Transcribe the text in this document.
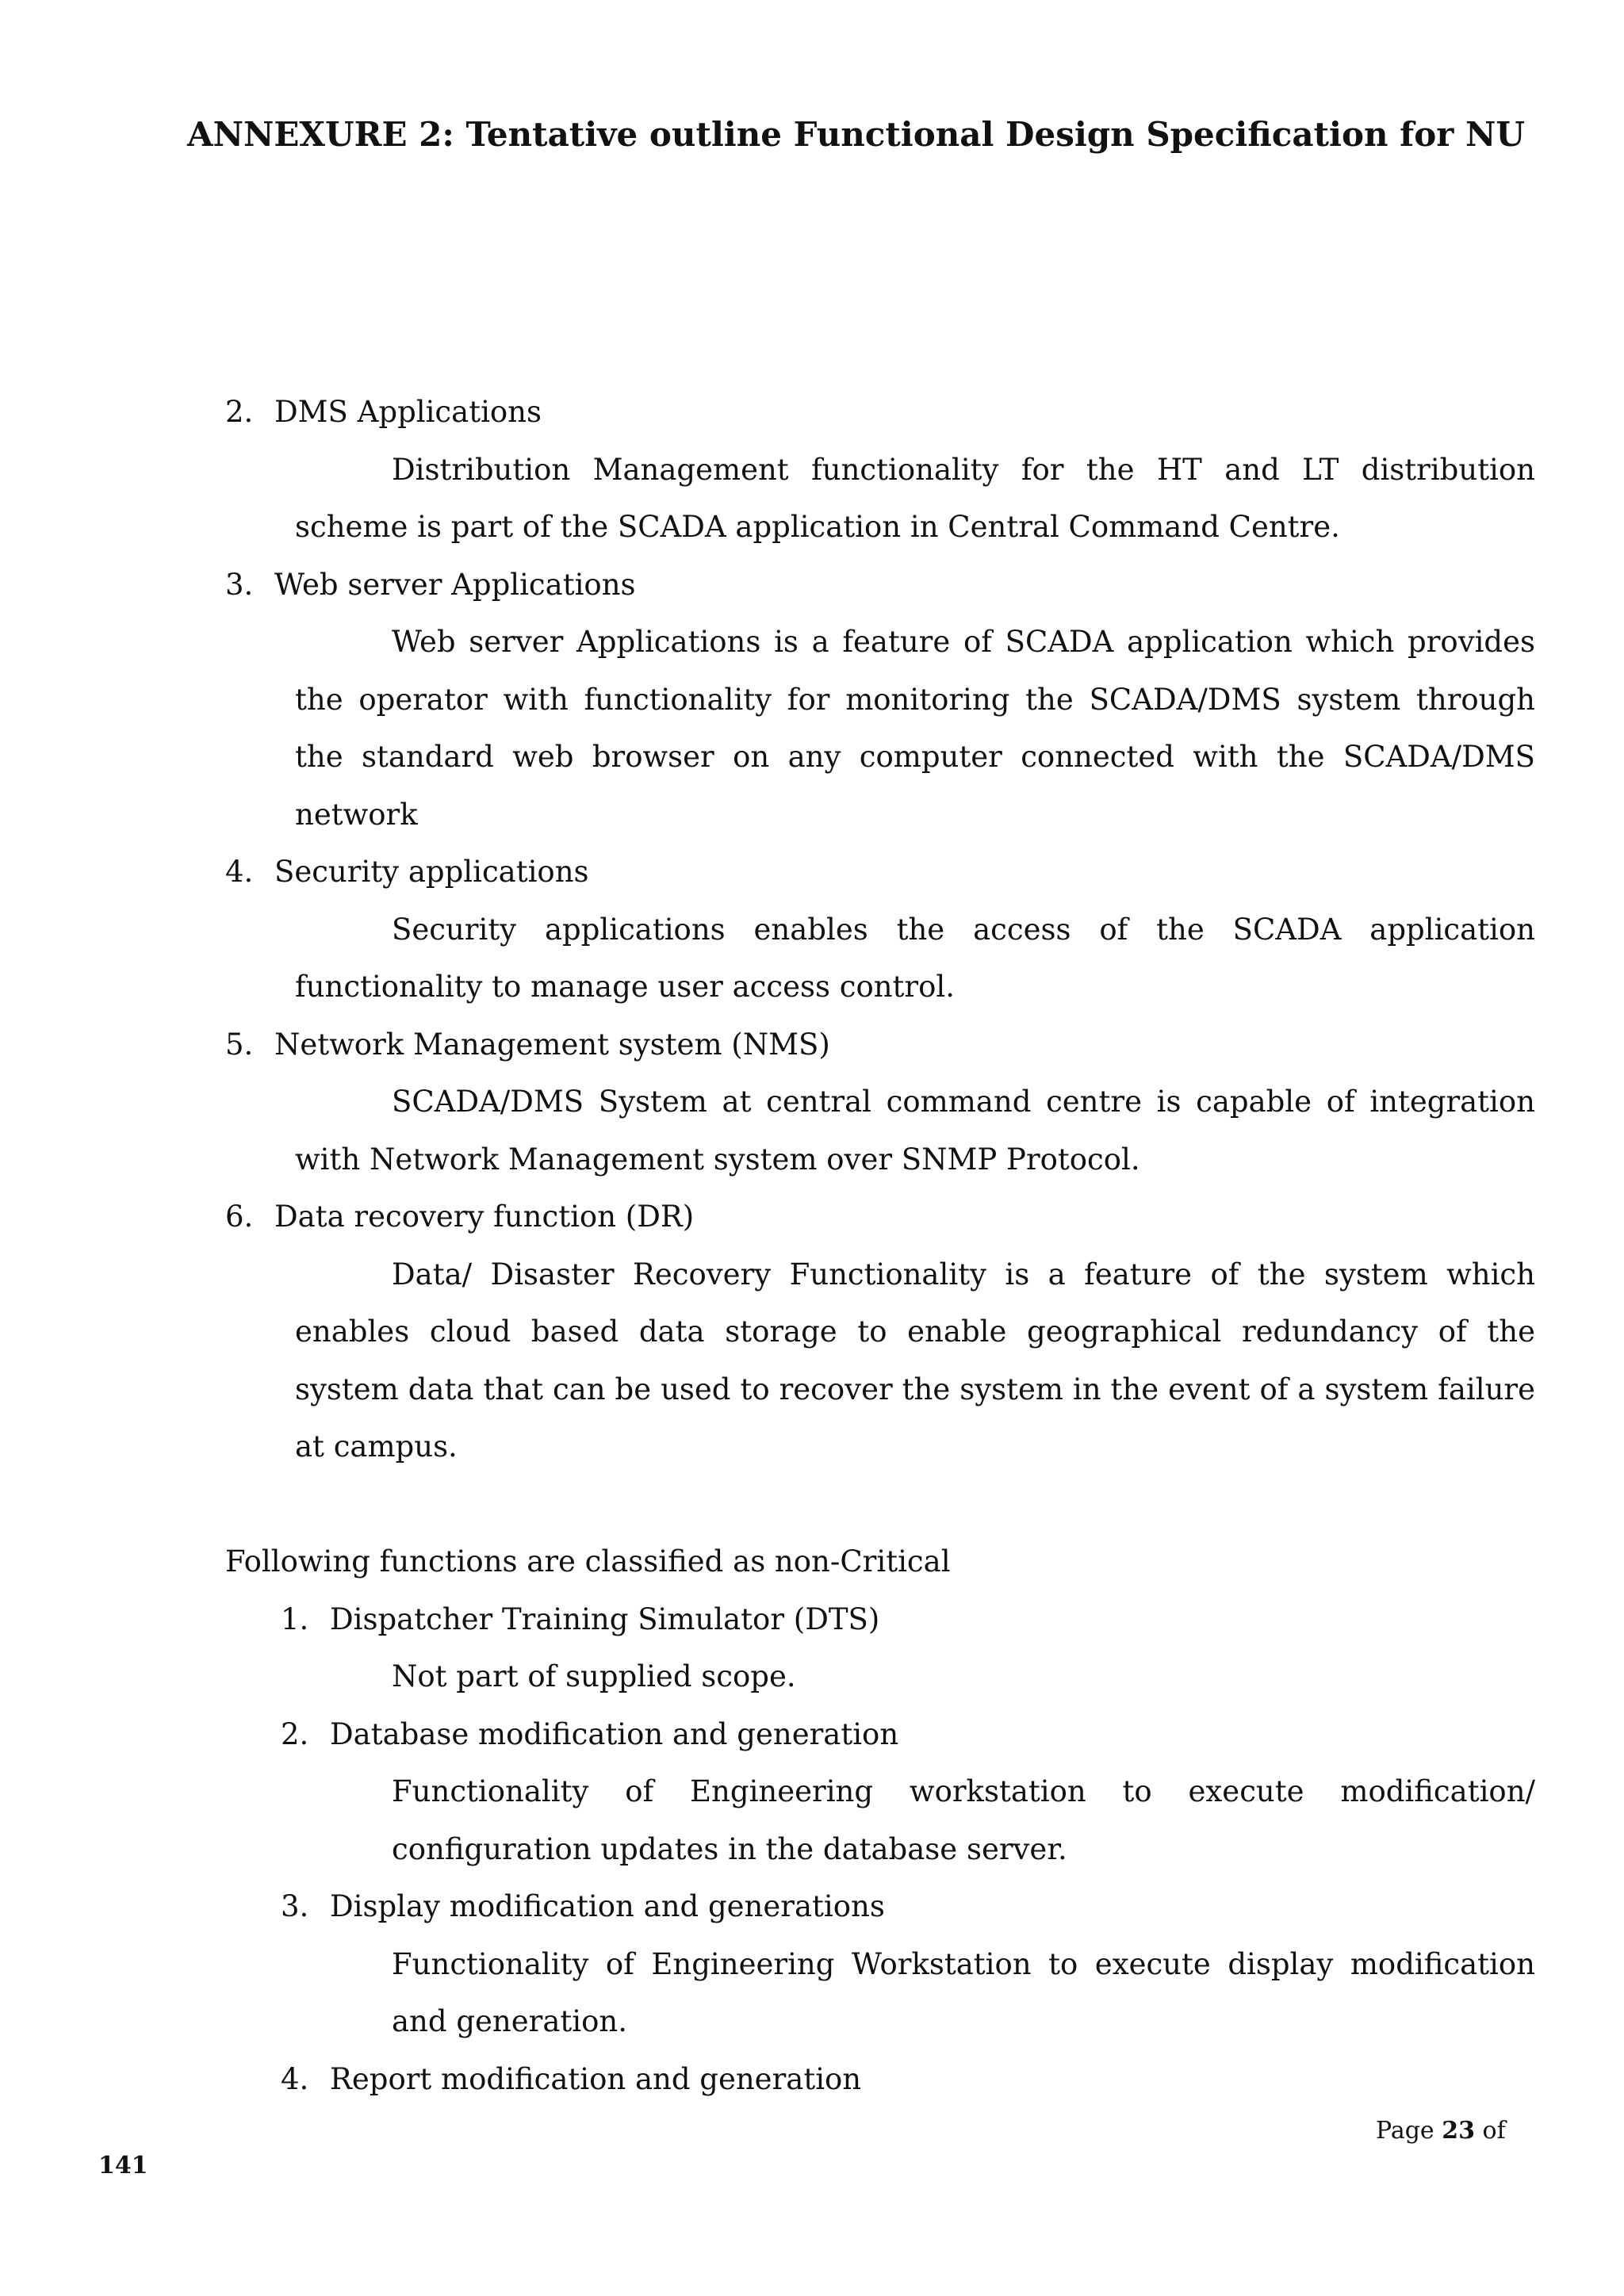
ANNEXURE 2: Tentative outline Functional Design Specification for NU
2. DMS Applications
Distribution Management functionality for the HT and LT distribution scheme is part of the SCADA application in Central Command Centre.
3. Web server Applications
Web server Applications is a feature of SCADA application which provides the operator with functionality for monitoring the SCADA/DMS system through the standard web browser on any computer connected with the SCADA/DMS network
4. Security applications
Security applications enables the access of the SCADA application functionality to manage user access control.
5. Network Management system (NMS)
SCADA/DMS System at central command centre is capable of integration with Network Management system over SNMP Protocol.
6. Data recovery function (DR)
Data/ Disaster Recovery Functionality is a feature of the system which enables cloud based data storage to enable geographical redundancy of the system data that can be used to recover the system in the event of a system failure at campus.
Following functions are classified as non-Critical
1. Dispatcher Training Simulator (DTS)
Not part of supplied scope.
2. Database modification and generation
Functionality of Engineering workstation to execute modification/ configuration updates in the database server.
3. Display modification and generations
Functionality of Engineering Workstation to execute display modification and generation.
4. Report modification and generation
Page 23 of
141
